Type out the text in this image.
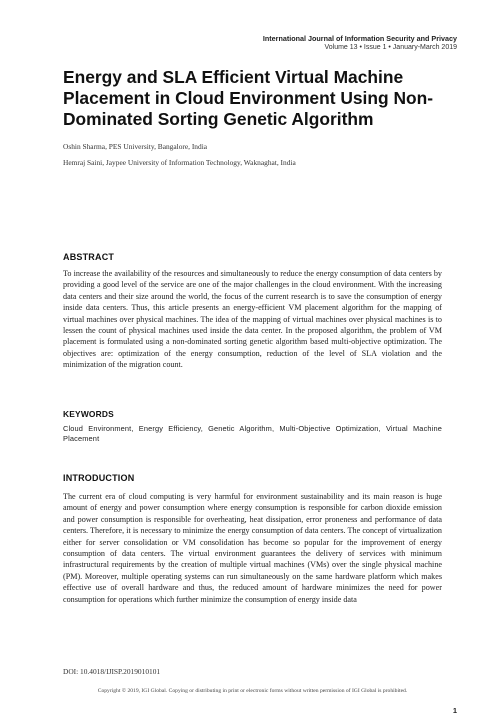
International Journal of Information Security and Privacy
Volume 13 • Issue 1 • January-March 2019
Energy and SLA Efficient Virtual Machine Placement in Cloud Environment Using Non-Dominated Sorting Genetic Algorithm
Oshin Sharma, PES University, Bangalore, India
Hemraj Saini, Jaypee University of Information Technology, Waknaghat, India
ABSTRACT

To increase the availability of the resources and simultaneously to reduce the energy consumption of data centers by providing a good level of the service are one of the major challenges in the cloud environment. With the increasing data centers and their size around the world, the focus of the current research is to save the consumption of energy inside data centers. Thus, this article presents an energy-efficient VM placement algorithm for the mapping of virtual machines over physical machines. The idea of the mapping of virtual machines over physical machines is to lessen the count of physical machines used inside the data center. In the proposed algorithm, the problem of VM placement is formulated using a non-dominated sorting genetic algorithm based multi-objective optimization. The objectives are: optimization of the energy consumption, reduction of the level of SLA violation and the minimization of the migration count.

KEYWORDS

Cloud Environment, Energy Efficiency, Genetic Algorithm, Multi-Objective Optimization, Virtual Machine Placement

INTRODUCTION

The current era of cloud computing is very harmful for environment sustainability and its main reason is huge amount of energy and power consumption where energy consumption is responsible for carbon dioxide emission and power consumption is responsible for overheating, heat dissipation, error proneness and performance of data centers. Therefore, it is necessary to minimize the energy consumption of data centers. The concept of virtualization either for server consolidation or VM consolidation has become so popular for the improvement of energy consumption of data centers. The virtual environment guarantees the delivery of services with minimum infrastructural requirements by the creation of multiple virtual machines (VMs) over the single physical machine (PM). Moreover, multiple operating systems can run simultaneously on the same hardware platform which makes effective use of overall hardware and thus, the reduced amount of hardware minimizes the need for power consumption for operations which further minimize the consumption of energy inside data

DOI: 10.4018/IJISP.2019010101
Copyright © 2019, IGI Global. Copying or distributing in print or electronic forms without written permission of IGI Global is prohibited.
1
